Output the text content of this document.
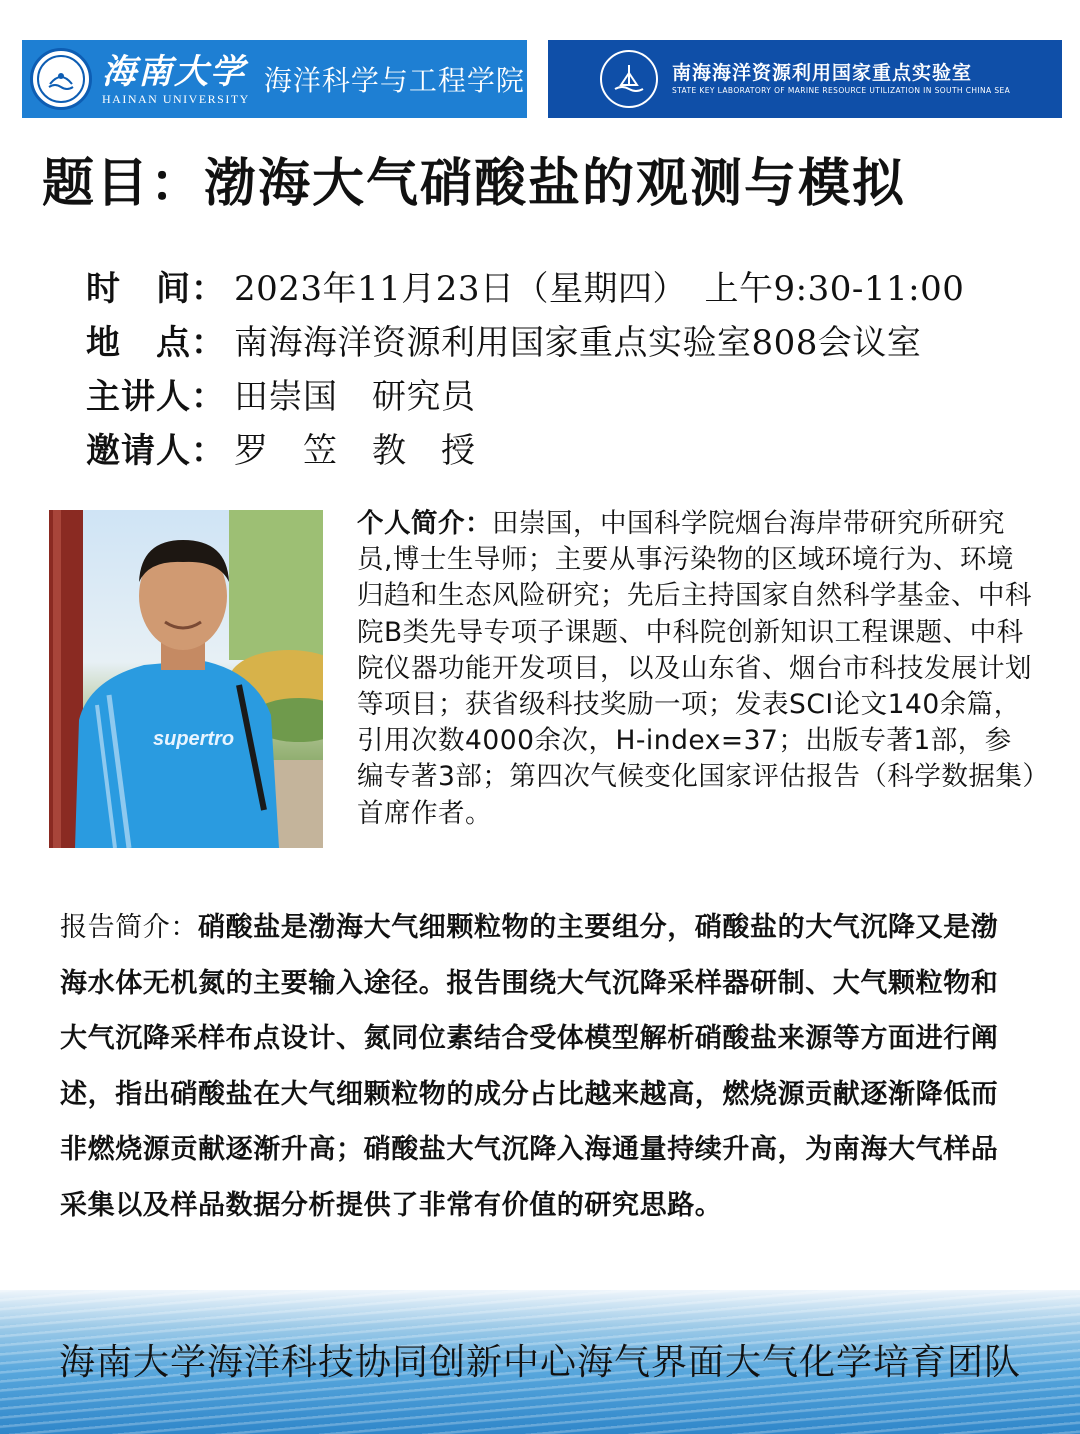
海南大学
HAINAN UNIVERSITY
海洋科学与工程学院	南海海洋资源利用国家重点实验室
STATE KEY LABORATORY OF MARINE RESOURCE UTILIZATION IN SOUTH CHINA SEA
题目：渤海大气硝酸盐的观测与模拟
时　间： 2023年11月23日（星期四）　上午9:30-11:00
地　点： 南海海洋资源利用国家重点实验室808会议室
主讲人： 田崇国　研究员
邀请人： 罗　笠　教　授
supertro

个人简介：田崇国，中国科学院烟台海岸带研究所研究员,博士生导师；主要从事污染物的区域环境行为、环境归趋和生态风险研究；先后主持国家自然科学基金、中科院B类先导专项子课题、中科院创新知识工程课题、中科院仪器功能开发项目，以及山东省、烟台市科技发展计划等项目；获省级科技奖励一项；发表SCI论文140余篇，引用次数4000余次，H-index=37；出版专著1部，参编专著3部；第四次气候变化国家评估报告（科学数据集）首席作者。

报告简介：硝酸盐是渤海大气细颗粒物的主要组分，硝酸盐的大气沉降又是渤海水体无机氮的主要输入途径。报告围绕大气沉降采样器研制、大气颗粒物和大气沉降采样布点设计、氮同位素结合受体模型解析硝酸盐来源等方面进行阐述，指出硝酸盐在大气细颗粒物的成分占比越来越高，燃烧源贡献逐渐降低而非燃烧源贡献逐渐升高；硝酸盐大气沉降入海通量持续升高，为南海大气样品采集以及样品数据分析提供了非常有价值的研究思路。

海南大学海洋科技协同创新中心海气界面大气化学培育团队
